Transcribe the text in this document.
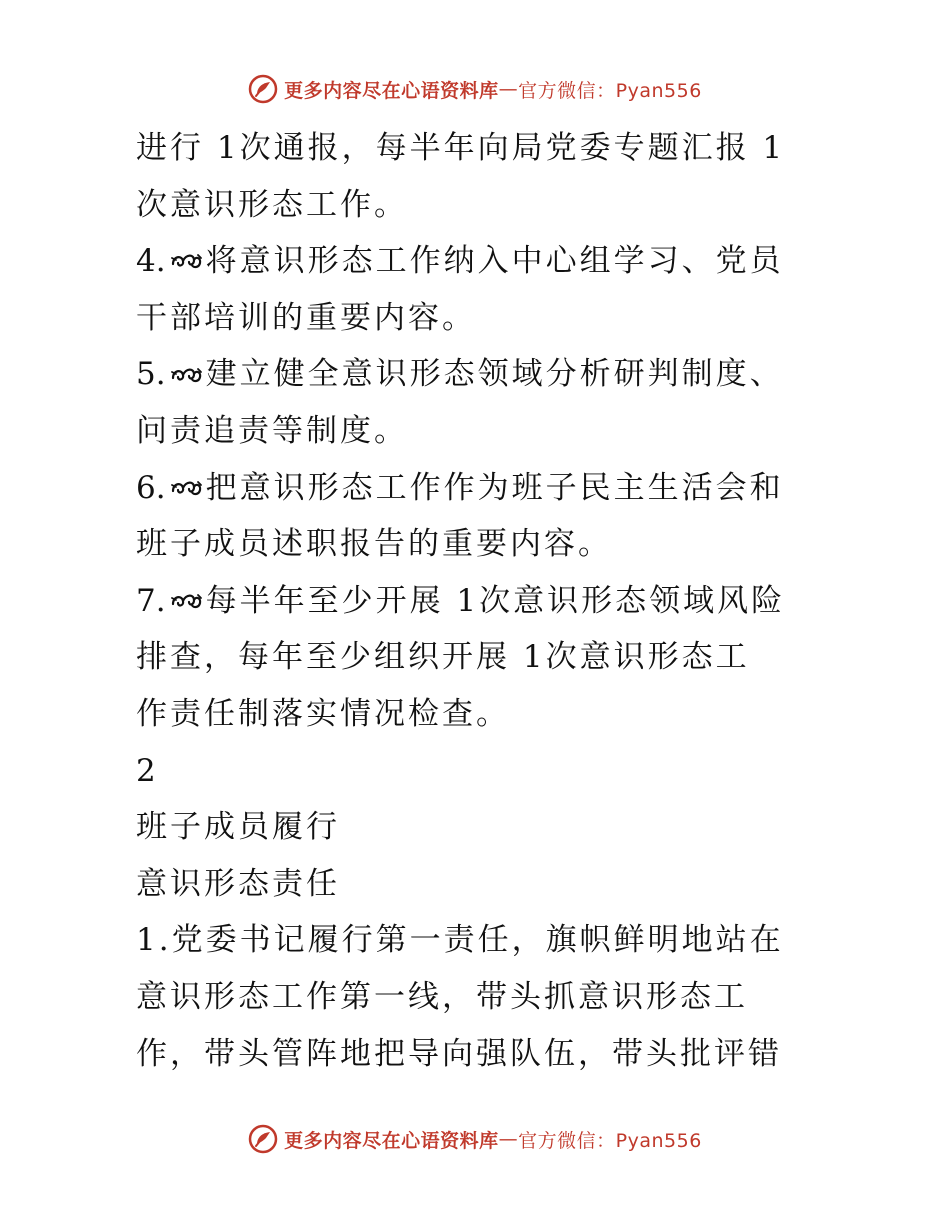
更多内容尽在心语资料库 — 官方微信：Pyan556
进行 1次通报，每半年向局党委专题汇报 1
次意识形态工作。
4. 将意识形态工作纳入中心组学习、党员
干部培训的重要内容。
5. 建立健全意识形态领域分析研判制度、
问责追责等制度。
6. 把意识形态工作作为班子民主生活会和
班子成员述职报告的重要内容。
7. 每半年至少开展 1次意识形态领域风险
排查，每年至少组织开展 1次意识形态工
作责任制落实情况检查。
2
班子成员履行
意识形态责任
1.党委书记履行第一责任，旗帜鲜明地站在
意识形态工作第一线，带头抓意识形态工
作，带头管阵地把导向强队伍，带头批评错
更多内容尽在心语资料库 — 官方微信：Pyan556
